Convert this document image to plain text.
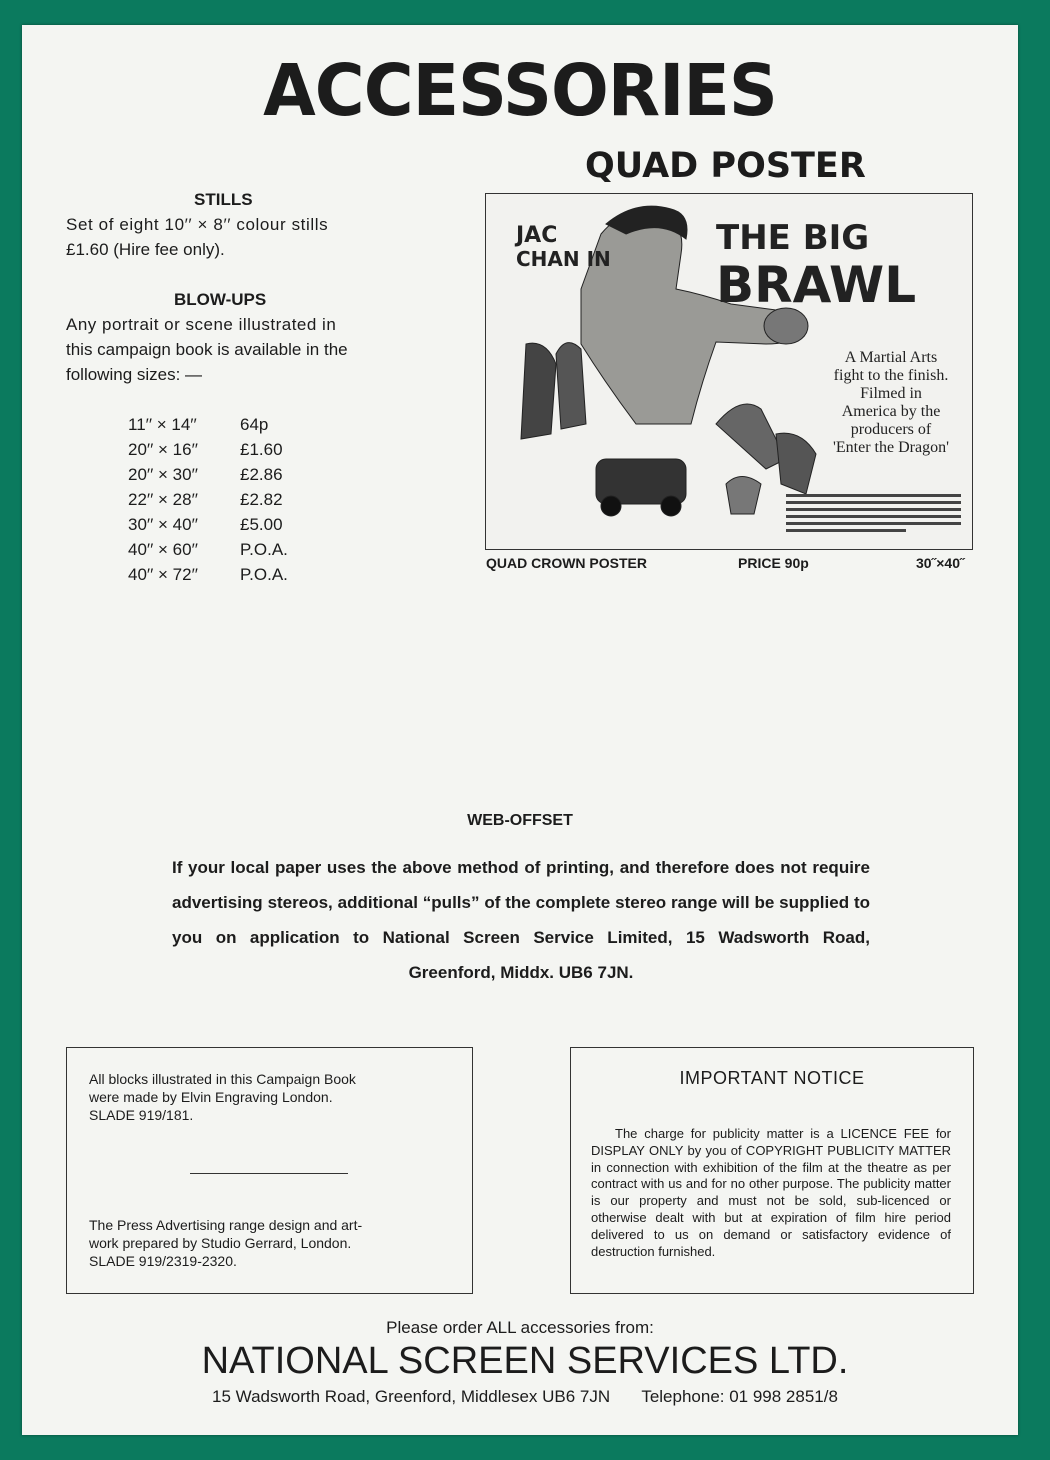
ACCESSORIES
STILLS
Set of eight 10′′ × 8′′ colour stills
£1.60 (Hire fee only).
BLOW-UPS
Any portrait or scene illustrated in
this campaign book is available in the
following sizes: —
11′′ × 14′′	64p
20′′ × 16′′	£1.60
20′′ × 30′′	£2.86
22′′ × 28′′	£2.82
30′′ × 40′′	£5.00
40′′ × 60′′	P.O.A.
40′′ × 72′′	P.O.A.
QUAD POSTER
JAC
CHAN IN
THE BIG
BRAWL
A Martial Arts
fight to the finish.
Filmed in
America by the
producers of
'Enter the Dragon'
QUAD CROWN POSTER	PRICE 90p	30˝×40˝
WEB-OFFSET
If your local paper uses the above method of printing, and therefore does not require advertising stereos, additional “pulls” of the complete stereo range will be supplied to you on application to National Screen Service Limited, 15 Wadsworth Road, Greenford, Middx. UB6 7JN.
All blocks illustrated in this Campaign Book
were made by Elvin Engraving London.
SLADE 919/181.
The Press Advertising range design and art-
work prepared by Studio Gerrard, London.
SLADE 919/2319-2320.
IMPORTANT NOTICE
The charge for publicity matter is a LICENCE FEE for DISPLAY ONLY by you of COPYRIGHT PUBLICITY MATTER in connection with exhibition of the film at the theatre as per contract with us and for no other purpose. The publicity matter is our property and must not be sold, sub-licenced or otherwise dealt with but at expiration of film hire period delivered to us on demand or satisfactory evidence of destruction furnished.
Please order ALL accessories from:
NATIONAL SCREEN SERVICES LTD.
15 Wadsworth Road, Greenford, Middlesex UB6 7JN Telephone: 01 998 2851/8
